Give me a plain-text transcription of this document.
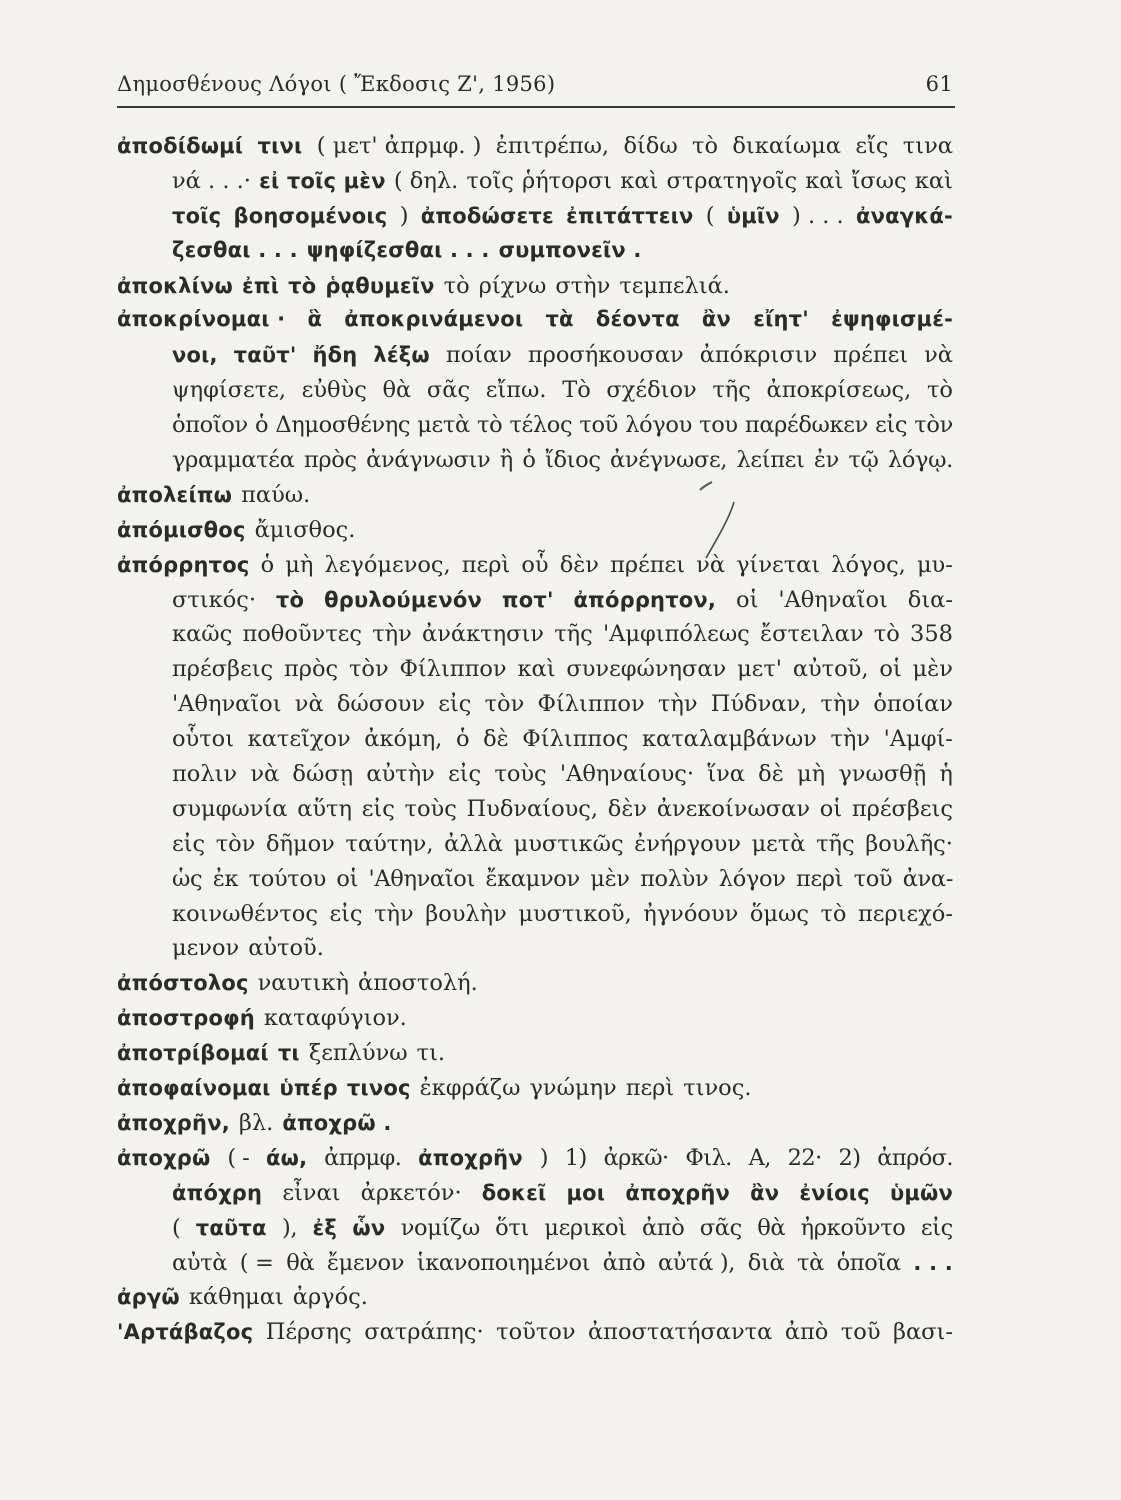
Δημοσθένους Λόγοι ( Ἔκδοσις Ζ', 1956)	61
ἀποδίδωμί τινι ( μετ' ἀπρμφ. ) ἐπιτρέπω, δίδω τὸ δικαίωμα εἴς τινα
νά . . .· εἰ τοῖς μὲν ( δηλ. τοῖς ῥήτορσι καὶ στρατηγοῖς καὶ ἴσως καὶ
τοῖς βοησομένοις ) ἀποδώσετε ἐπιτάττειν ( ὑμῖν ) . . . ἀναγκά-
ζεσθαι . . . ψηφίζεσθαι . . . συμπονεῖν .
ἀποκλίνω ἐπὶ τὸ ῥᾳθυμεῖν τὸ ρίχνω στὴν τεμπελιά.
ἀποκρίνομαι · ἃ ἀποκρινάμενοι τὰ δέοντα ἂν εἴητ' ἐψηφισμέ-
νοι, ταῦτ' ἤδη λέξω ποίαν προσήκουσαν ἀπόκρισιν πρέπει νὰ
ψηφίσετε, εὐθὺς θὰ σᾶς εἴπω. Τὸ σχέδιον τῆς ἀποκρίσεως, τὸ
ὁποῖον ὁ Δημοσθένης μετὰ τὸ τέλος τοῦ λόγου του παρέδωκεν εἰς τὸν
γραμματέα πρὸς ἀνάγνωσιν ἢ ὁ ἴδιος ἀνέγνωσε, λείπει ἐν τῷ λόγῳ.
ἀπολείπω παύω.
ἀπόμισθος ἄμισθος.
ἀπόρρητος ὁ μὴ λεγόμενος, περὶ οὗ δὲν πρέπει νὰ γίνεται λόγος, μυ-
στικός· τὸ θρυλούμενόν ποτ' ἀπόρρητον, οἱ 'Αθηναῖοι δια-
καῶς ποθοῦντες τὴν ἀνάκτησιν τῆς 'Αμφιπόλεως ἔστειλαν τὸ 358
πρέσβεις πρὸς τὸν Φίλιππον καὶ συνεφώνησαν μετ' αὐτοῦ, οἱ μὲν
'Αθηναῖοι νὰ δώσουν εἰς τὸν Φίλιππον τὴν Πύδναν, τὴν ὁποίαν
οὗτοι κατεῖχον ἀκόμη, ὁ δὲ Φίλιππος καταλαμβάνων τὴν 'Αμφί-
πολιν νὰ δώσῃ αὐτὴν εἰς τοὺς 'Αθηναίους· ἵνα δὲ μὴ γνωσθῇ ἡ
συμφωνία αὕτη εἰς τοὺς Πυδναίους, δὲν ἀνεκοίνωσαν οἱ πρέσβεις
εἰς τὸν δῆμον ταύτην, ἀλλὰ μυστικῶς ἐνήργουν μετὰ τῆς βουλῆς·
ὡς ἐκ τούτου οἱ 'Αθηναῖοι ἔκαμνον μὲν πολὺν λόγον περὶ τοῦ ἀνα-
κοινωθέντος εἰς τὴν βουλὴν μυστικοῦ, ἠγνόουν ὅμως τὸ περιεχό-
μενον αὐτοῦ.
ἀπόστολος ναυτικὴ ἀποστολή.
ἀποστροφή καταφύγιον.
ἀποτρίβομαί τι ξεπλύνω τι.
ἀποφαίνομαι ὑπέρ τινος ἐκφράζω γνώμην περὶ τινος.
ἀποχρῆν, βλ. ἀποχρῶ .
ἀποχρῶ ( - άω, ἀπρμφ. ἀποχρῆν ) 1) ἀρκῶ· Φιλ. Α, 22· 2) ἀπρόσ.
ἀπόχρη εἶναι ἀρκετόν· δοκεῖ μοι ἀποχρῆν ἂν ἐνίοις ὑμῶν
( ταῦτα ), ἐξ ὧν νομίζω ὅτι μερικοὶ ἀπὸ σᾶς θὰ ἠρκοῦντο εἰς
αὐτὰ ( = θὰ ἔμενον ἱκανοποιημένοι ἀπὸ αὐτά ), διὰ τὰ ὁποῖα . . .
ἀργῶ κάθημαι ἀργός.
'Αρτάβαζος Πέρσης σατράπης· τοῦτον ἀποστατήσαντα ἀπὸ τοῦ βασι-
